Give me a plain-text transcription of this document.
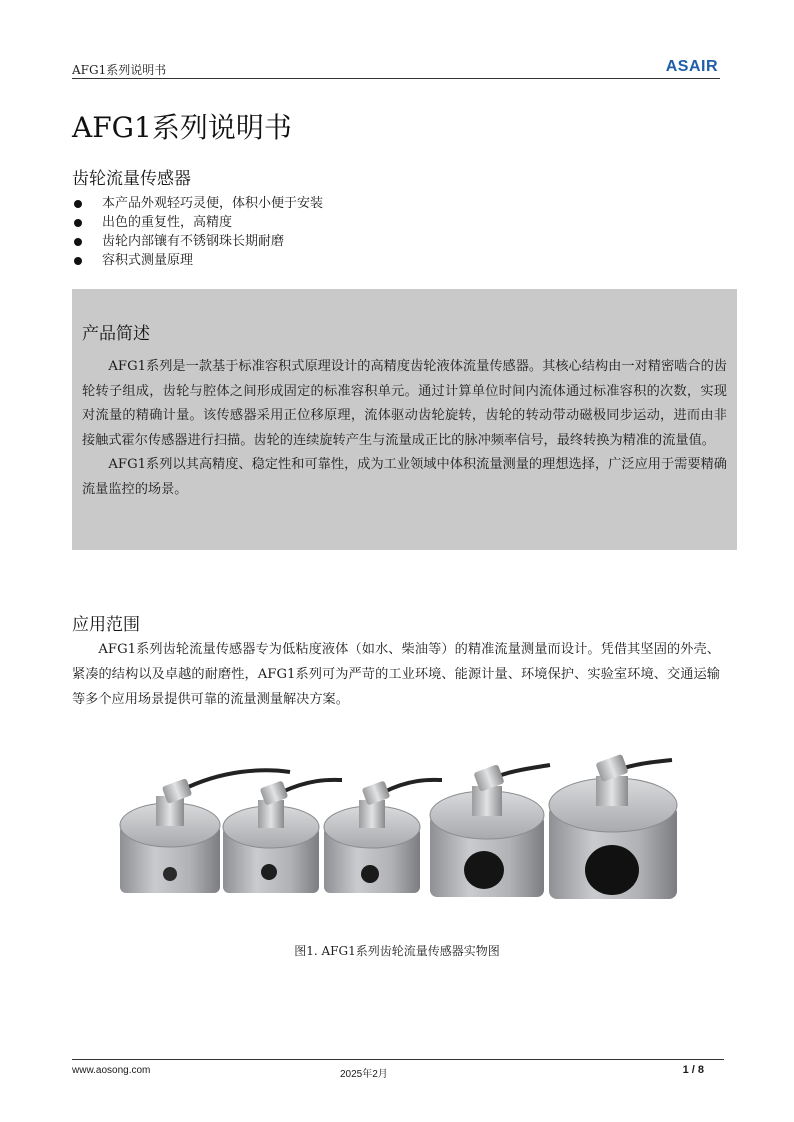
AFG1系列说明书	ASAIR
AFG1系列说明书
齿轮流量传感器
本产品外观轻巧灵便，体积小便于安装
出色的重复性，高精度
齿轮内部镶有不锈钢珠长期耐磨
容积式测量原理
产品简述

AFG1系列是一款基于标准容积式原理设计的高精度齿轮液体流量传感器。其核心结构由一对精密啮合的齿轮转子组成，齿轮与腔体之间形成固定的标准容积单元。通过计算单位时间内流体通过标准容积的次数，实现对流量的精确计量。该传感器采用正位移原理，流体驱动齿轮旋转，齿轮的转动带动磁极同步运动，进而由非接触式霍尔传感器进行扫描。齿轮的连续旋转产生与流量成正比的脉冲频率信号，最终转换为精准的流量值。

AFG1系列以其高精度、稳定性和可靠性，成为工业领域中体积流量测量的理想选择，广泛应用于需要精确流量监控的场景。

应用范围

AFG1系列齿轮流量传感器专为低粘度液体（如水、柴油等）的精准流量测量而设计。凭借其坚固的外壳、紧凑的结构以及卓越的耐磨性，AFG1系列可为严苛的工业环境、能源计量、环境保护、实验室环境、交通运输等多个应用场景提供可靠的流量测量解决方案。

图1. AFG1系列齿轮流量传感器实物图
www.aosong.com	2025年2月	1 / 8
